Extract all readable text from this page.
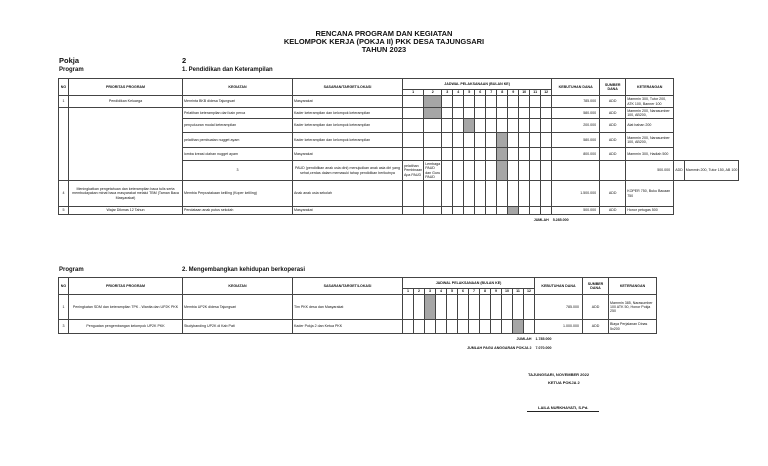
RENCANA PROGRAM DAN KEGIATAN
KELOMPOK KERJA (POKJA II) PKK DESA TAJUNGSARI
TAHUN 2023
Pokja	2
Program	1. Pendidikan dan Keterampilan
NO	PRIORITAS PROGRAM	KEGIATAN	SASARAN/TARGET/LOKASI	JADWAL PELAKSANAAN (BULAN KE)												KEBUTUHAN DANA	SUMBER DANA	KETERANGAN		
				1	2	3	4	5	6	7	8	9	10	11	12					
1	Pendidikan Keluarga	Menrinta BKB didesa Tajungsari	Masyarakat													785.000	ADD	Mammin 300, Tutor 200, ATK 100, Banner 100		
		Pelatihan keterampilan dari kain perca	Kader keterampilan dan kelompok keterampilan													580.000	ADD	Mammin 200, Narasumber 100, AB200,		
		penyuluuran modal keterampilan	Kader keterampilan dan kelompok keterampilan													200.000	ADD	Alat bahan 200		
		pelatihan pembuatan nugget ayam	Kader keterampilan dan kelompok keterampilan													580.000	ADD	Mammin 200, Narasumber 100, AB200,		
		lomba kreasi olahan nugget ayam	Masyarakat													800.000	ADD	Mammin 300, Hadiah 500		
		3	PAUD (pendidikan anak usia dini) menujudkan anak asia diri yang sehat,cerdas dalam memasuki tahap pendidikan berikutnya	pelatihan Pembinaan Apa PAUD	Lembaga PAUD dan Guru PAUD													500.000	ADD	Mammin 200, Tutor 150, AB 100
4	Meningkatkan pengetahuan dan keterampilan baca tulis serta membudayakan minat baca masyarakat melalui TBM (Taman Baca Masyarakat)	Membia Perpustakaan keliling (Koper keliling)	Anak anak usia sekolah													1.500.000	ADD	KOPER 750, Buku Bacaan 750		
5	Wajar Dikmas 12 Tahun	Pendataan anak putus sekolah	Masyarakat													500.000	ADD	Honor petugas 500		
JUMLAH																5.285.000				
Program	2. Mengembangkan kehidupan berkoperasi
NO	PRIORITAS PROGRAM	KEGIATAN	SASARAN/TARGET/LOKASI	JADWAL PELAKSANAAN (BULAN KE)												KEBUTUHAN DANA	SUMBER DANA	KETERANGAN
				1	2	3	4	5	6	7	8	9	10	11	12			
1	Peningkatan SDM dan keterampilan TPK - Wanita dan UP2K PKK	Membia UP2K didesa Tajungsari	Tim PKK desa dan Masyarakat													785.000	ADD	Mammin 385, Narasumber 100 ATK 50, Honor Pokja 250
3	Penguatan pengembangan kelompok UP2K PKK	Studybanding UP2K di Kab Pati	Kader Pokja 2 dan Ketua PKK													1.000.000	ADD	Biaya Perjalanan Dinas 5x200
JUMLAH																1.785.000		
JUMLAH PAGU ANGGARAN POKJA 2																7.070.000		
TAJUNGSARI, NOVEMBER 2022
KETUA POKJA 2
LAILA NURKHAYATI, S.Pd.
